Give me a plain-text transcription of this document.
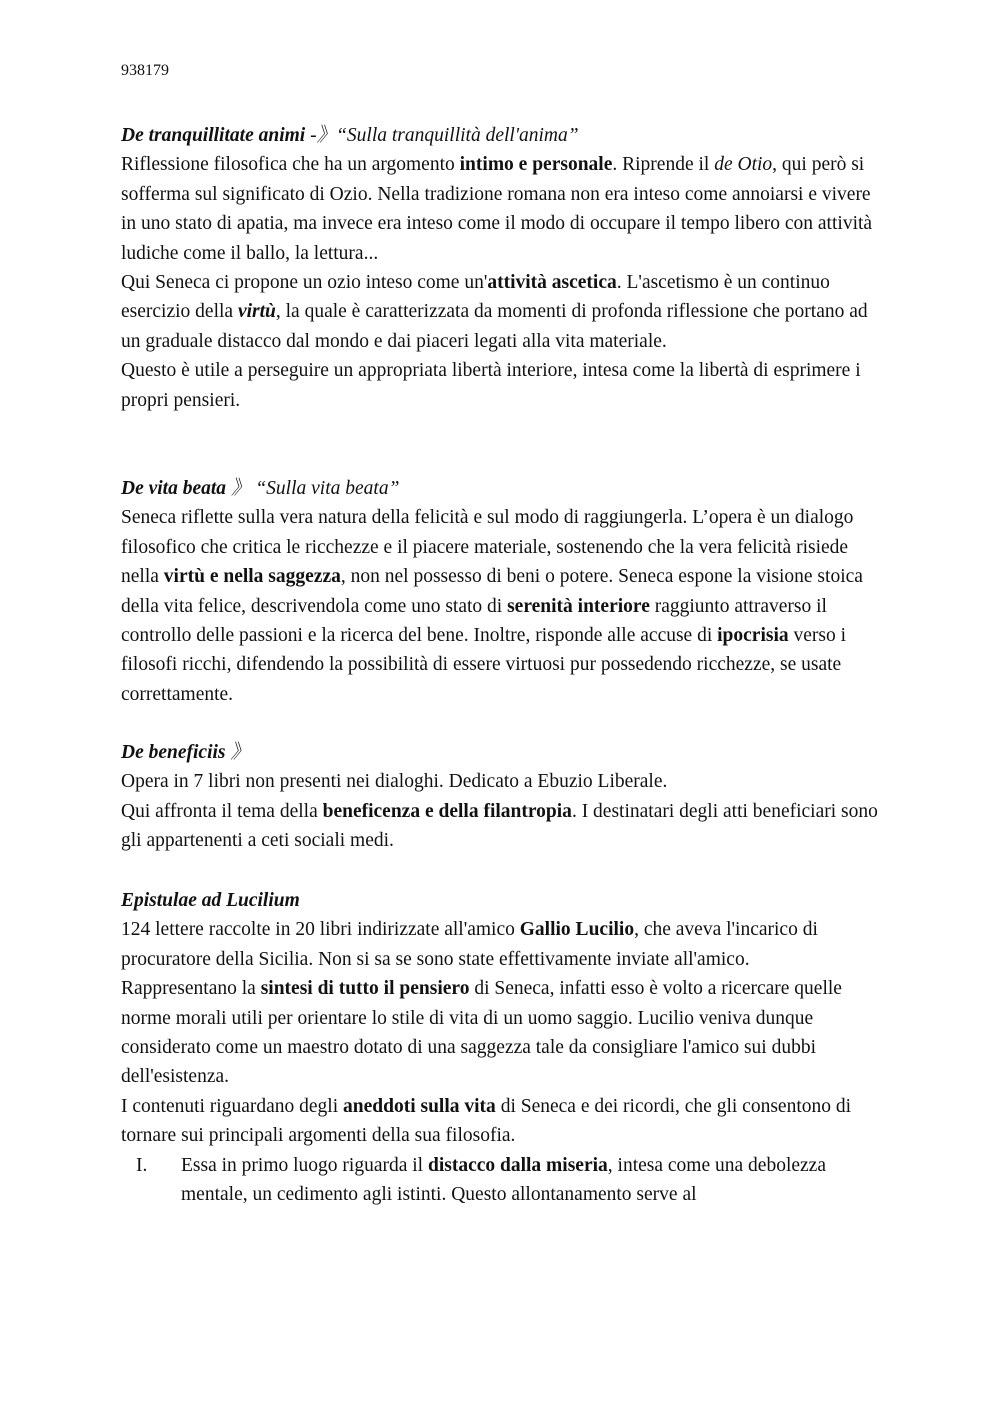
938179

De tranquillitate animi -》“Sulla tranquillità dell'anima”

Riflessione filosofica che ha un argomento intimo e personale. Riprende il de Otio, qui però si sofferma sul significato di Ozio. Nella tradizione romana non era inteso come annoiarsi e vivere in uno stato di apatia, ma invece era inteso come il modo di occupare il tempo libero con attività ludiche come il ballo, la lettura...

Qui Seneca ci propone un ozio inteso come un'attività ascetica. L'ascetismo è un continuo esercizio della virtù, la quale è caratterizzata da momenti di profonda riflessione che portano ad un graduale distacco dal mondo e dai piaceri legati alla vita materiale.

Questo è utile a perseguire un appropriata libertà interiore, intesa come la libertà di esprimere i propri pensieri.

De vita beata 》 “Sulla vita beata”

Seneca riflette sulla vera natura della felicità e sul modo di raggiungerla. L’opera è un dialogo filosofico che critica le ricchezze e il piacere materiale, sostenendo che la vera felicità risiede nella virtù e nella saggezza, non nel possesso di beni o potere. Seneca espone la visione stoica della vita felice, descrivendola come uno stato di serenità interiore raggiunto attraverso il controllo delle passioni e la ricerca del bene. Inoltre, risponde alle accuse di ipocrisia verso i filosofi ricchi, difendendo la possibilità di essere virtuosi pur possedendo ricchezze, se usate correttamente.

De beneficiis 》

Opera in 7 libri non presenti nei dialoghi. Dedicato a Ebuzio Liberale.

Qui affronta il tema della beneficenza e della filantropia. I destinatari degli atti beneficiari sono gli appartenenti a ceti sociali medi.

Epistulae ad Lucilium

124 lettere raccolte in 20 libri indirizzate all'amico Gallio Lucilio, che aveva l'incarico di procuratore della Sicilia. Non si sa se sono state effettivamente inviate all'amico.

Rappresentano la sintesi di tutto il pensiero di Seneca, infatti esso è volto a ricercare quelle norme morali utili per orientare lo stile di vita di un uomo saggio. Lucilio veniva dunque considerato come un maestro dotato di una saggezza tale da consigliare l'amico sui dubbi dell'esistenza.

I contenuti riguardano degli aneddoti sulla vita di Seneca e dei ricordi, che gli consentono di tornare sui principali argomenti della sua filosofia.

I. Essa in primo luogo riguarda il distacco dalla miseria, intesa come una debolezza mentale, un cedimento agli istinti. Questo allontanamento serve al
